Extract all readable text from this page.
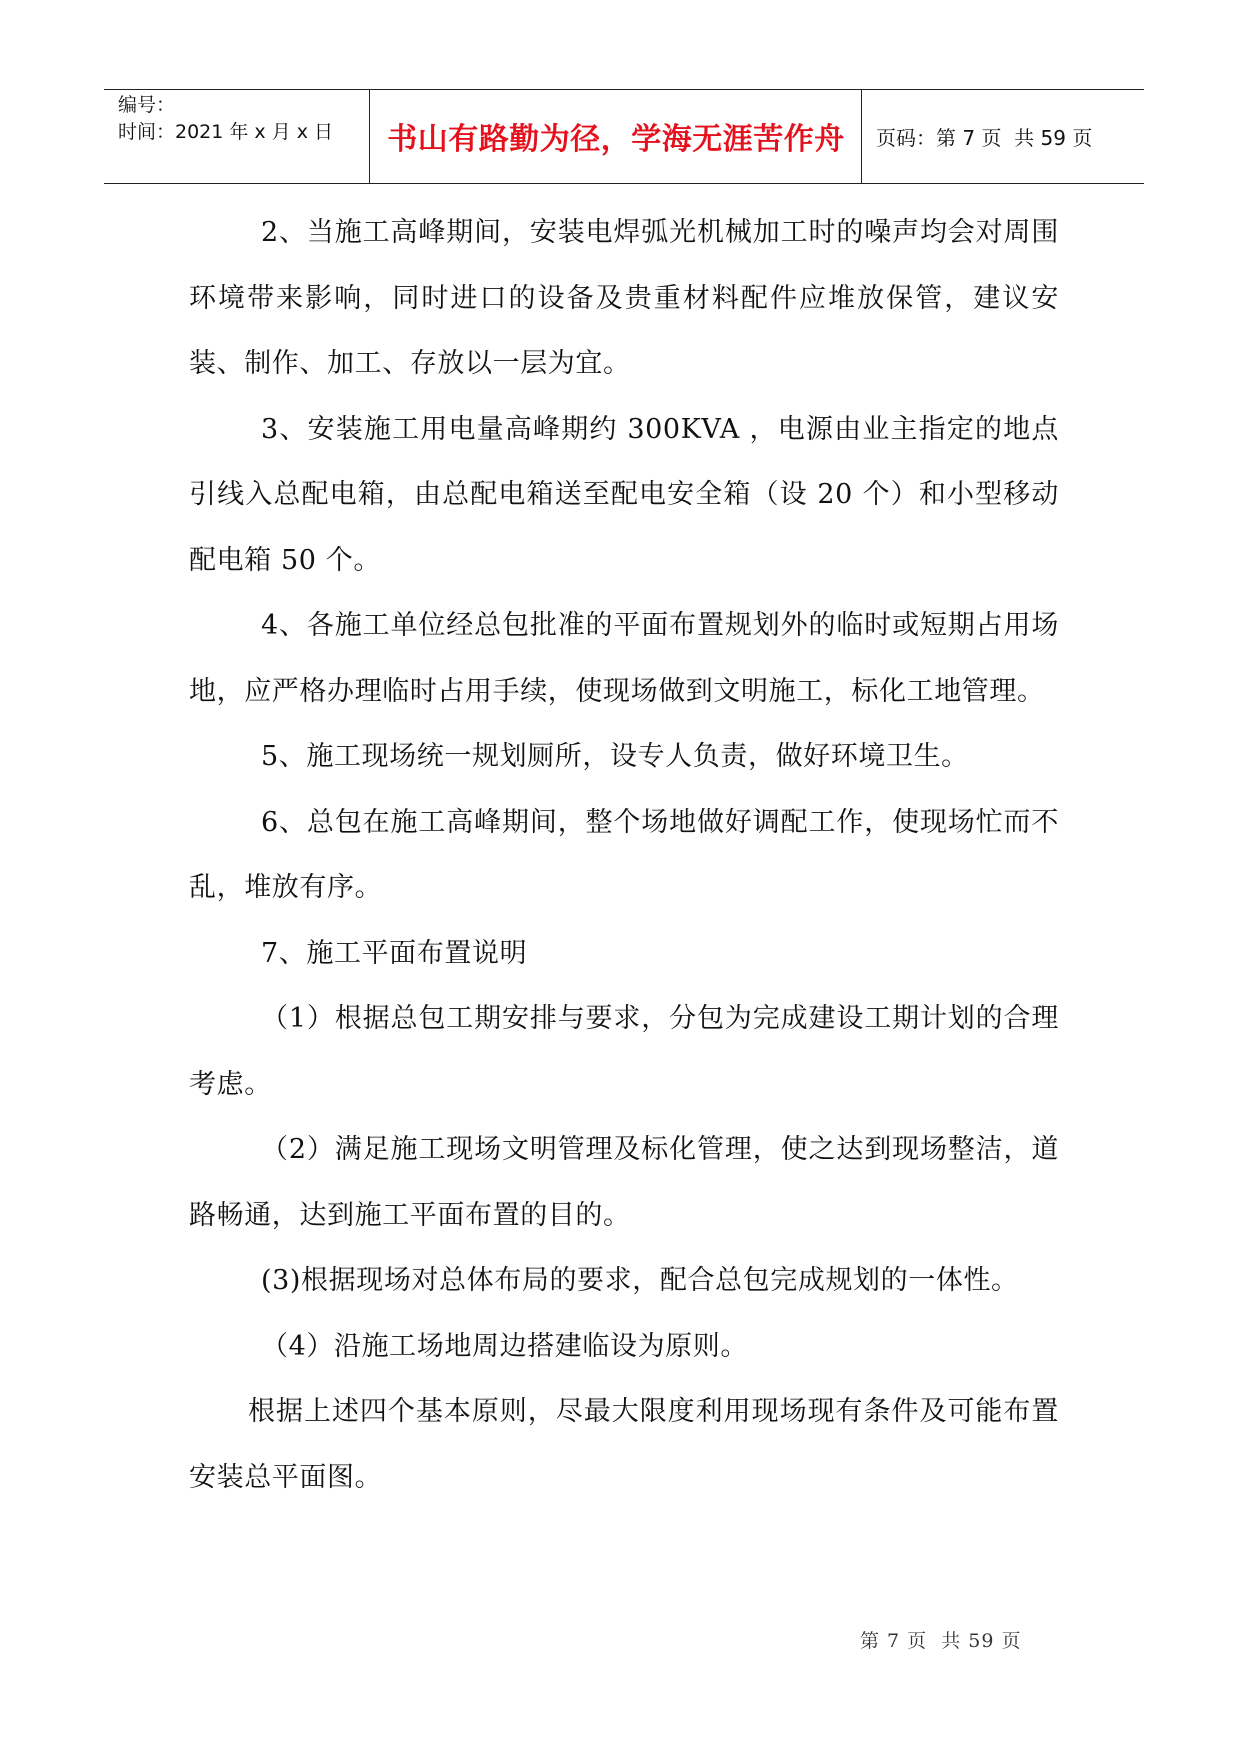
编号：
时间：2021 年 x 月 x 日	书山有路勤为径，学海无涯苦作舟	页码：第 7 页  共 59 页

2、当施工高峰期间，安装电焊弧光机械加工时的噪声均会对周围环境带来影响，同时进口的设备及贵重材料配件应堆放保管，建议安装、制作、加工、存放以一层为宜。

3、安装施工用电量高峰期约 300KVA ，电源由业主指定的地点引线入总配电箱，由总配电箱送至配电安全箱（设 20 个）和小型移动配电箱 50 个。

4、各施工单位经总包批准的平面布置规划外的临时或短期占用场地，应严格办理临时占用手续，使现场做到文明施工，标化工地管理。

5、施工现场统一规划厕所，设专人负责，做好环境卫生。

6、总包在施工高峰期间，整个场地做好调配工作，使现场忙而不乱，堆放有序。

7、施工平面布置说明

（1）根据总包工期安排与要求，分包为完成建设工期计划的合理考虑。

（2）满足施工现场文明管理及标化管理，使之达到现场整洁，道路畅通，达到施工平面布置的目的。

(3)根据现场对总体布局的要求，配合总包完成规划的一体性。

（4）沿施工场地周边搭建临设为原则。

根据上述四个基本原则，尽最大限度利用现场现有条件及可能布置安装总平面图。

第 7 页  共 59 页
